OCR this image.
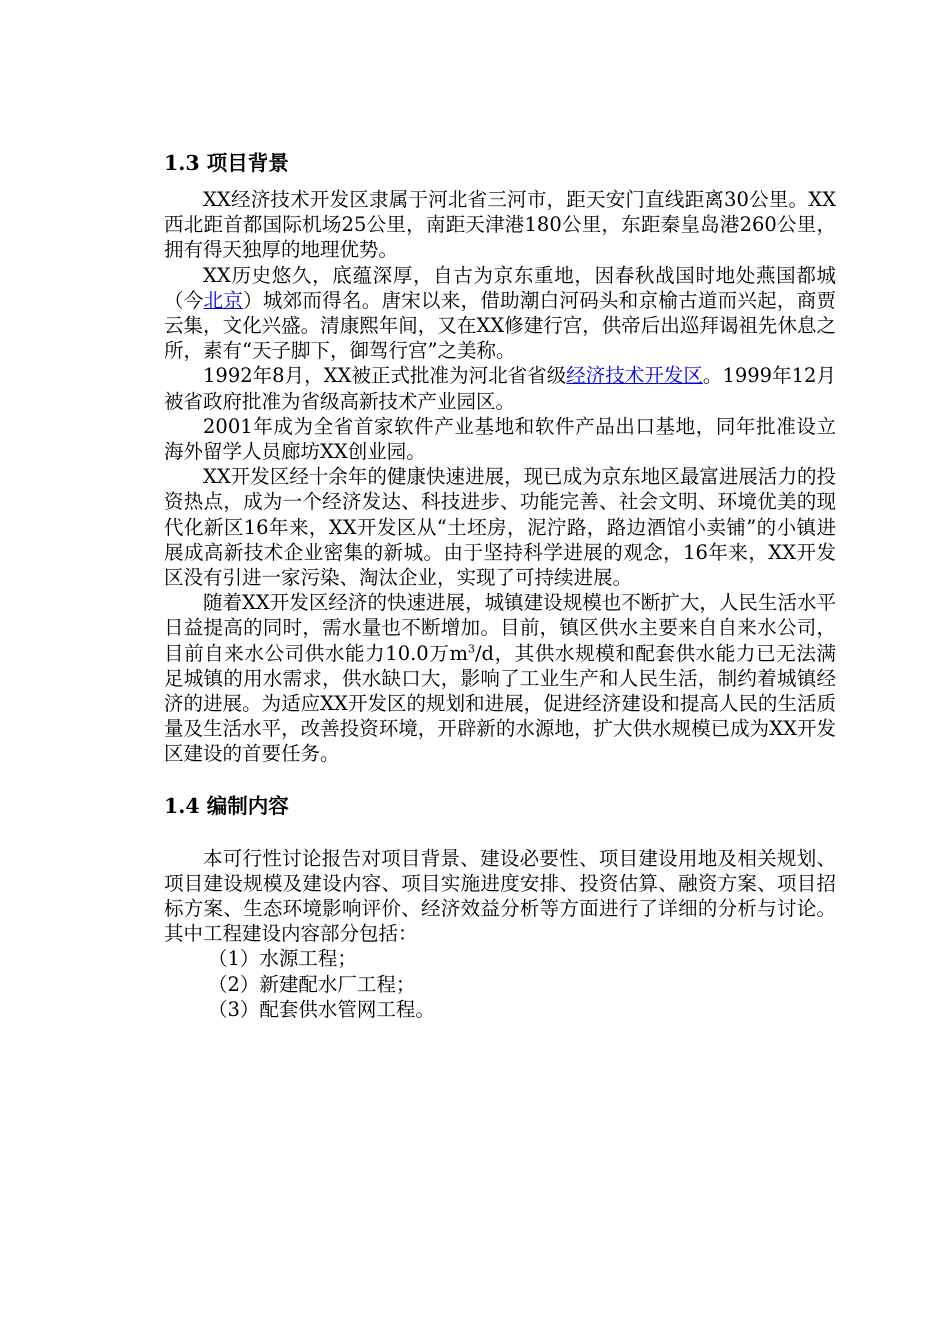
1.3 项目背景

XX经济技术开发区隶属于河北省三河市，距天安门直线距离30公里。XX西北距首都国际机场25公里，南距天津港180公里，东距秦皇岛港260公里，拥有得天独厚的地理优势。

XX历史悠久，底蕴深厚，自古为京东重地，因春秋战国时地处燕国都城（今北京）城郊而得名。唐宋以来，借助潮白河码头和京榆古道而兴起，商贾云集，文化兴盛。清康熙年间，又在XX修建行宫，供帝后出巡拜谒祖先休息之所，素有“天子脚下，御驾行宫”之美称。

1992年8月，XX被正式批准为河北省省级经济技术开发区。1999年12月被省政府批准为省级高新技术产业园区。

2001年成为全省首家软件产业基地和软件产品出口基地，同年批准设立海外留学人员廊坊XX创业园。

XX开发区经十余年的健康快速进展，现已成为京东地区最富进展活力的投资热点，成为一个经济发达、科技进步、功能完善、社会文明、环境优美的现代化新区16年来，XX开发区从“土坯房，泥泞路，路边酒馆小卖铺”的小镇进展成高新技术企业密集的新城。由于坚持科学进展的观念，16年来，XX开发区没有引进一家污染、淘汰企业，实现了可持续进展。

随着XX开发区经济的快速进展，城镇建设规模也不断扩大，人民生活水平日益提高的同时，需水量也不断增加。目前，镇区供水主要来自自来水公司，目前自来水公司供水能力10.0万$m^3/d$，其供水规模和配套供水能力已无法满足城镇的用水需求，供水缺口大，影响了工业生产和人民生活，制约着城镇经济的进展。为适应XX开发区的规划和进展，促进经济建设和提高人民的生活质量及生活水平，改善投资环境，开辟新的水源地，扩大供水规模已成为XX开发区建设的首要任务。

1.4 编制内容

本可行性讨论报告对项目背景、建设必要性、项目建设用地及相关规划、项目建设规模及建设内容、项目实施进度安排、投资估算、融资方案、项目招标方案、生态环境影响评价、经济效益分析等方面进行了详细的分析与讨论。其中工程建设内容部分包括：

（1）水源工程；
（2）新建配水厂工程；
（3）配套供水管网工程。
